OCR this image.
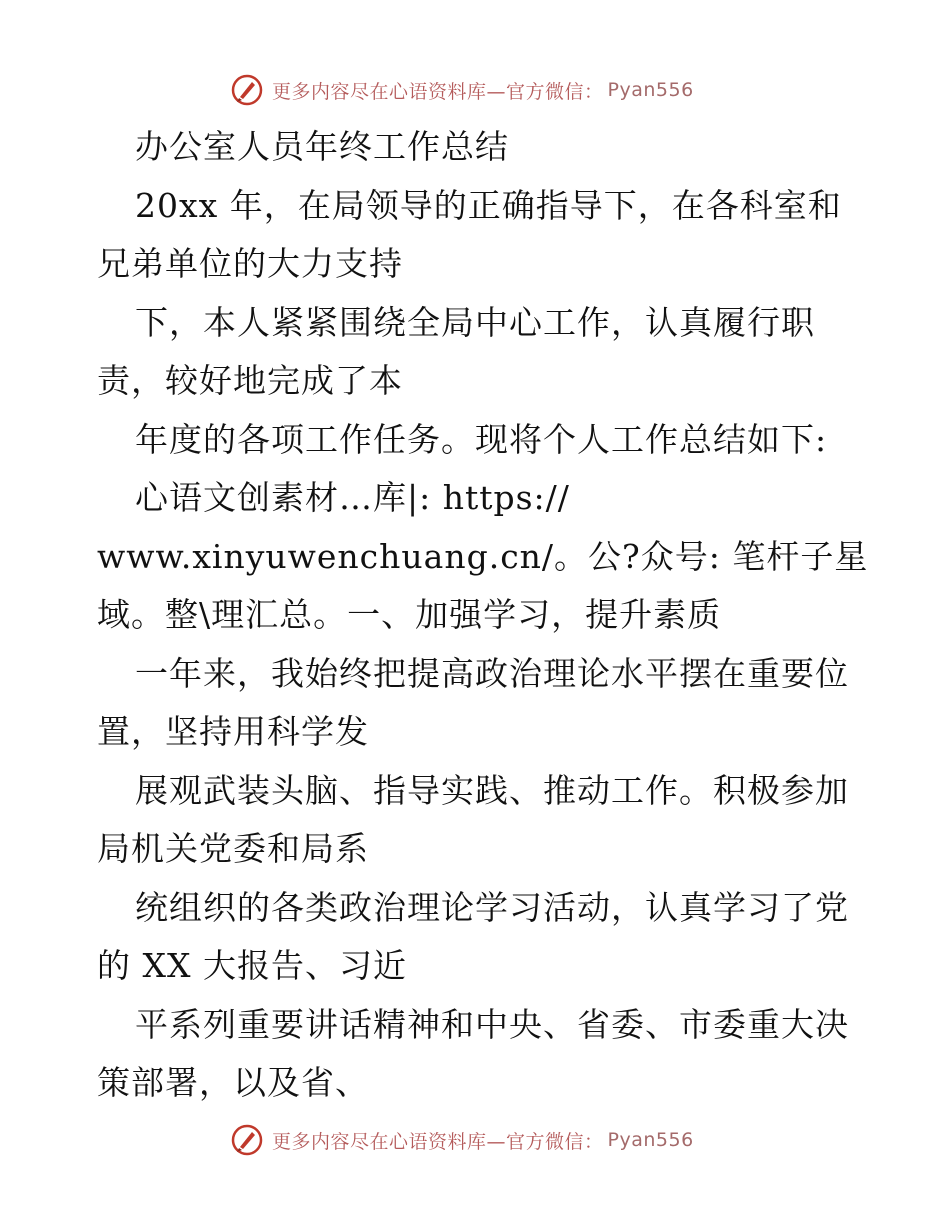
更多内容尽在心语资料库—官方微信： Pyan556
办公室人员年终工作总结
20xx 年，在局领导的正确指导下，在各科室和
兄弟单位的大力支持
下，本人紧紧围绕全局中心工作，认真履行职
责，较好地完成了本
年度的各项工作任务。现将个人工作总结如下:
心语文创素材…库|: https://
www.xinyuwenchuang.cn/。公?众号: 笔杆子星
域。整\理汇总。一、加强学习，提升素质
一年来，我始终把提高政治理论水平摆在重要位
置，坚持用科学发
展观武装头脑、指导实践、推动工作。积极参加
局机关党委和局系
统组织的各类政治理论学习活动，认真学习了党
的 XX 大报告、习近
平系列重要讲话精神和中央、省委、市委重大决
策部署，以及省、
更多内容尽在心语资料库—官方微信： Pyan556
